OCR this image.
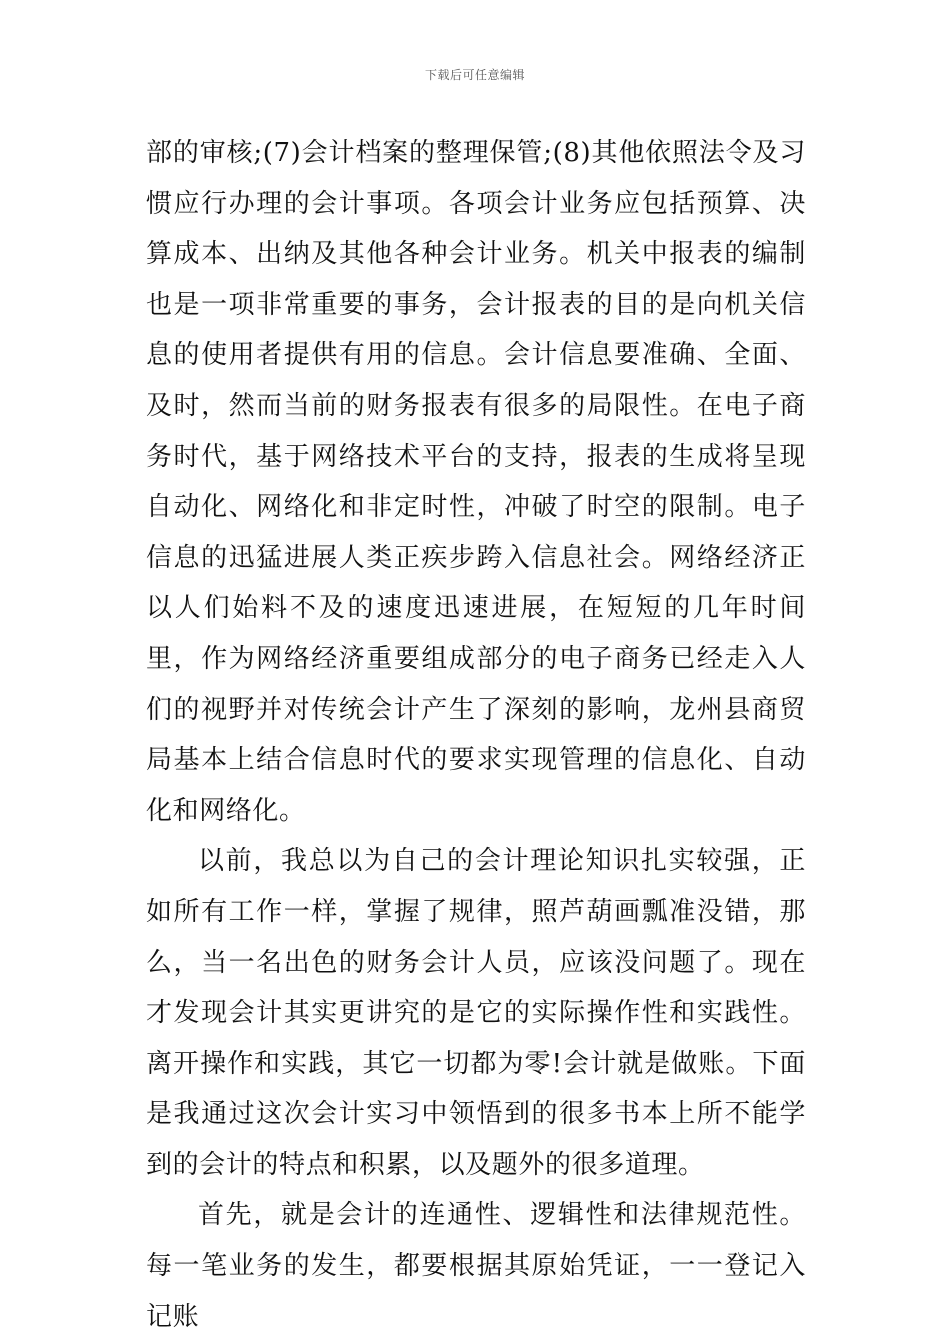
下载后可任意编辑

部的审核;(7)会计档案的整理保管;(8)其他依照法令及习惯应行办理的会计事项。各项会计业务应包括预算、决算成本、出纳及其他各种会计业务。机关中报表的编制也是一项非常重要的事务，会计报表的目的是向机关信息的使用者提供有用的信息。会计信息要准确、全面、及时，然而当前的财务报表有很多的局限性。在电子商务时代，基于网络技术平台的支持，报表的生成将呈现自动化、网络化和非定时性，冲破了时空的限制。电子信息的迅猛进展人类正疾步跨入信息社会。网络经济正以人们始料不及的速度迅速进展，在短短的几年时间里，作为网络经济重要组成部分的电子商务已经走入人们的视野并对传统会计产生了深刻的影响，龙州县商贸局基本上结合信息时代的要求实现管理的信息化、自动化和网络化。

以前，我总以为自己的会计理论知识扎实较强，正如所有工作一样，掌握了规律，照芦葫画瓢准没错，那么，当一名出色的财务会计人员，应该没问题了。现在才发现会计其实更讲究的是它的实际操作性和实践性。离开操作和实践，其它一切都为零!会计就是做账。下面是我通过这次会计实习中领悟到的很多书本上所不能学到的会计的特点和积累，以及题外的很多道理。

首先，就是会计的连通性、逻辑性和法律规范性。每一笔业务的发生，都要根据其原始凭证，一一登记入记账
